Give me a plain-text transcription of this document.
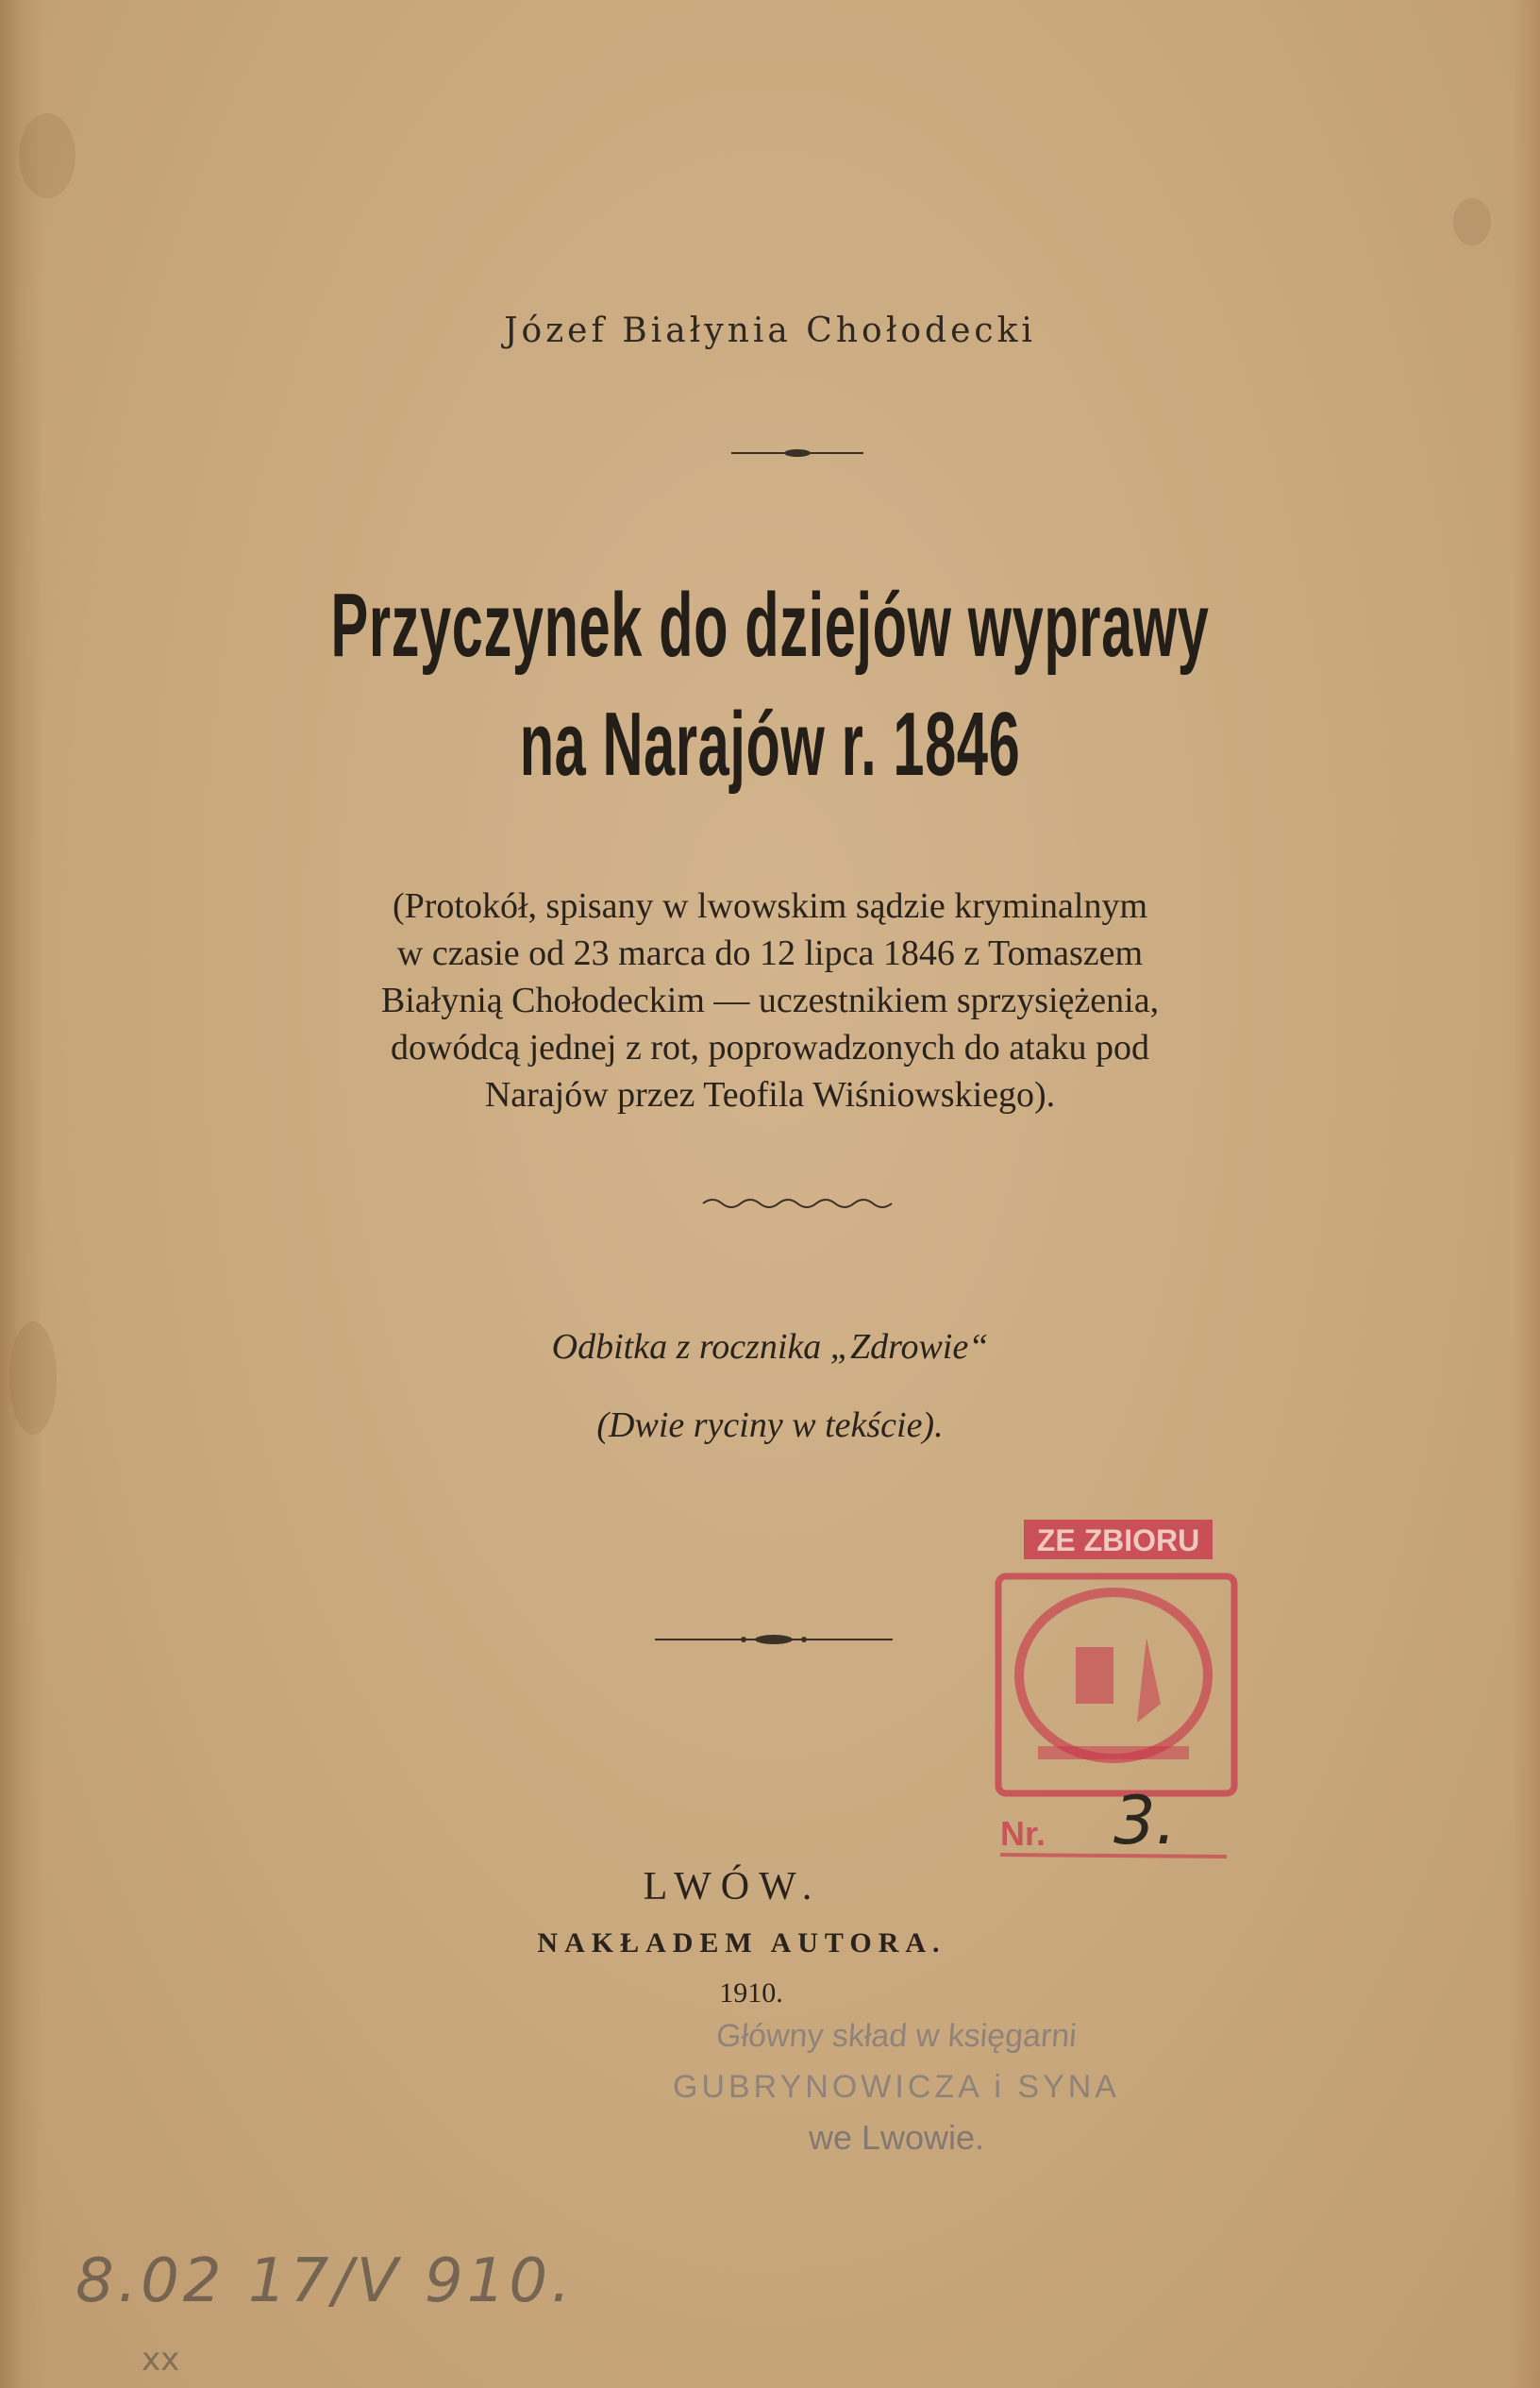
Józef Białynia Chołodecki
Przyczynek do dziejów wyprawy
na Narajów r. 1846
(Protokół, spisany w lwowskim sądzie kryminalnym
w czasie od 23 marca do 12 lipca 1846 z Tomaszem
Białynią Chołodeckim — uczestnikiem sprzysiężenia,
dowódcą jednej z rot, poprowadzonych do ataku pod
Narajów przez Teofila Wiśniowskiego).
Odbitka z rocznika „Zdrowie“
(Dwie ryciny w tekście).
ZE ZBIORU
Nr. 3.
LWÓW.
NAKŁADEM AUTORA.
1910.
Główny skład w księgarni
GUBRYNOWICZA i SYNA
we Lwowie.
8.02 17/V 910.
xx
